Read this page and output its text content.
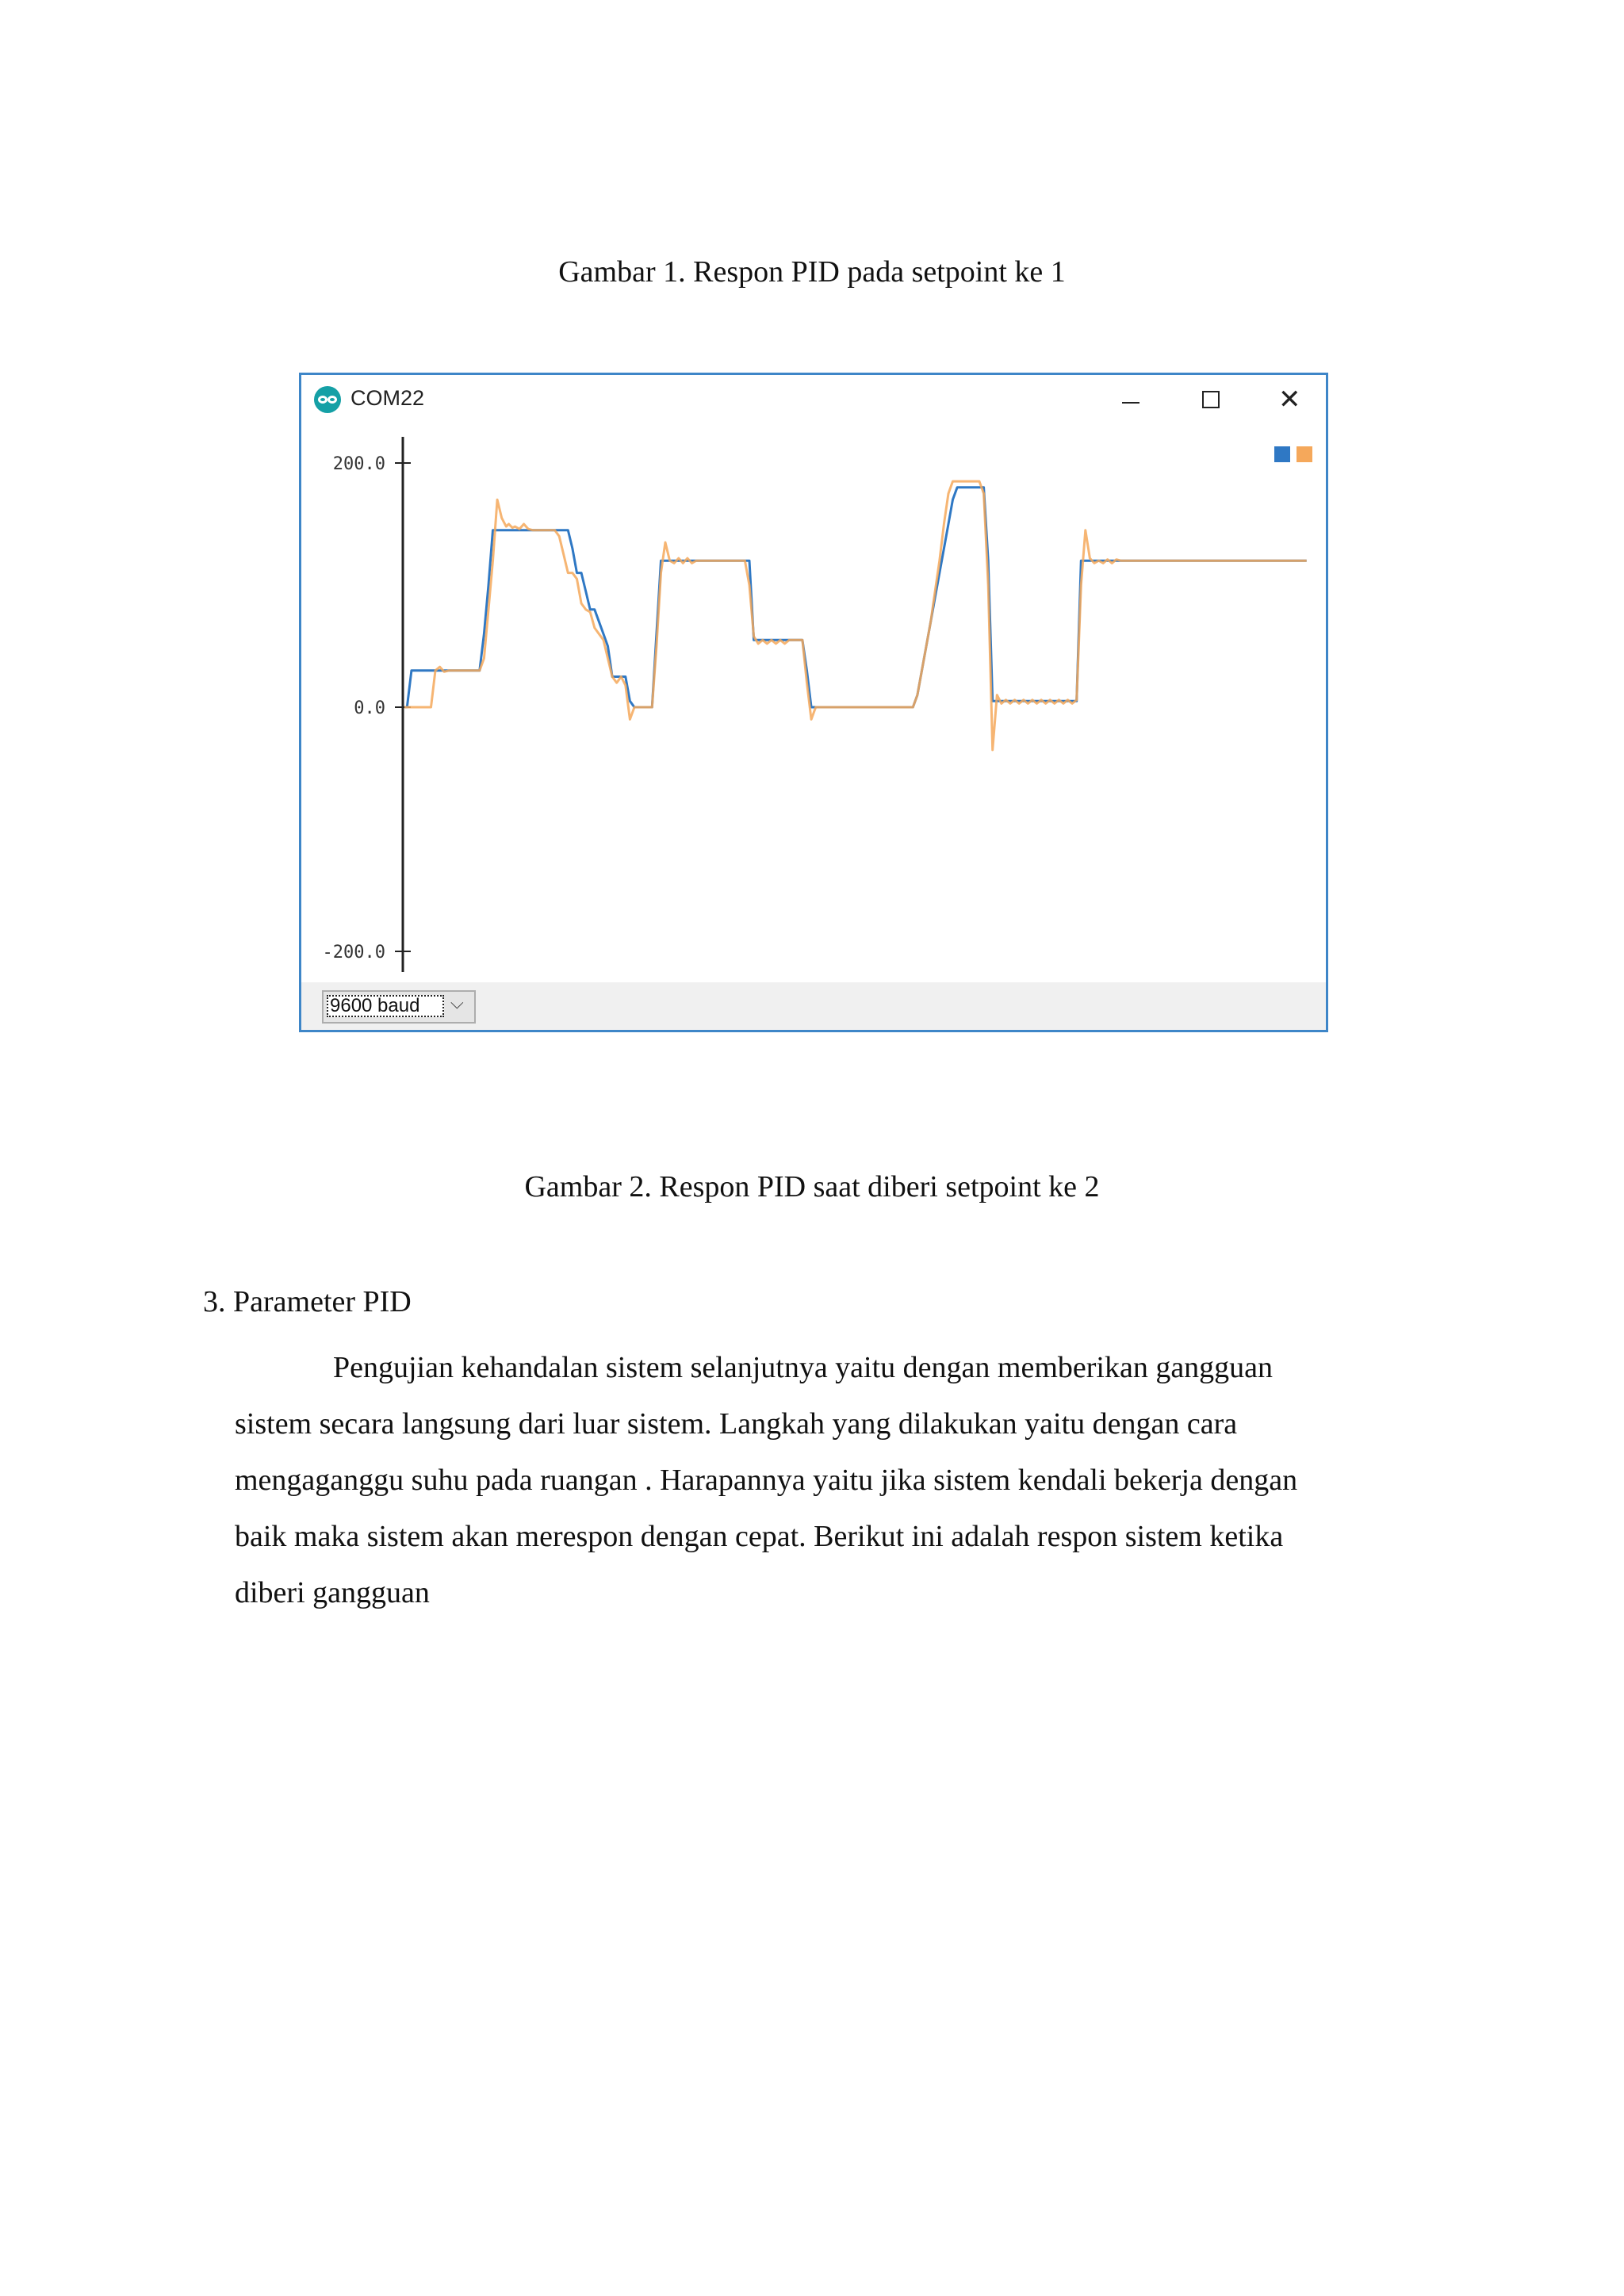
Gambar 1. Respon PID pada setpoint ke 1
COM22	✕
200.0
0.0
-200.0
9600 baud	⌵
Gambar 2. Respon PID saat diberi setpoint ke 2
3. Parameter PID
Pengujian kehandalan sistem selanjutnya yaitu dengan memberikan gangguan
sistem secara langsung dari luar sistem. Langkah yang dilakukan yaitu dengan cara
mengaganggu suhu pada ruangan . Harapannya yaitu jika sistem kendali bekerja dengan
baik maka sistem akan merespon dengan cepat. Berikut ini adalah respon sistem ketika
diberi gangguan
